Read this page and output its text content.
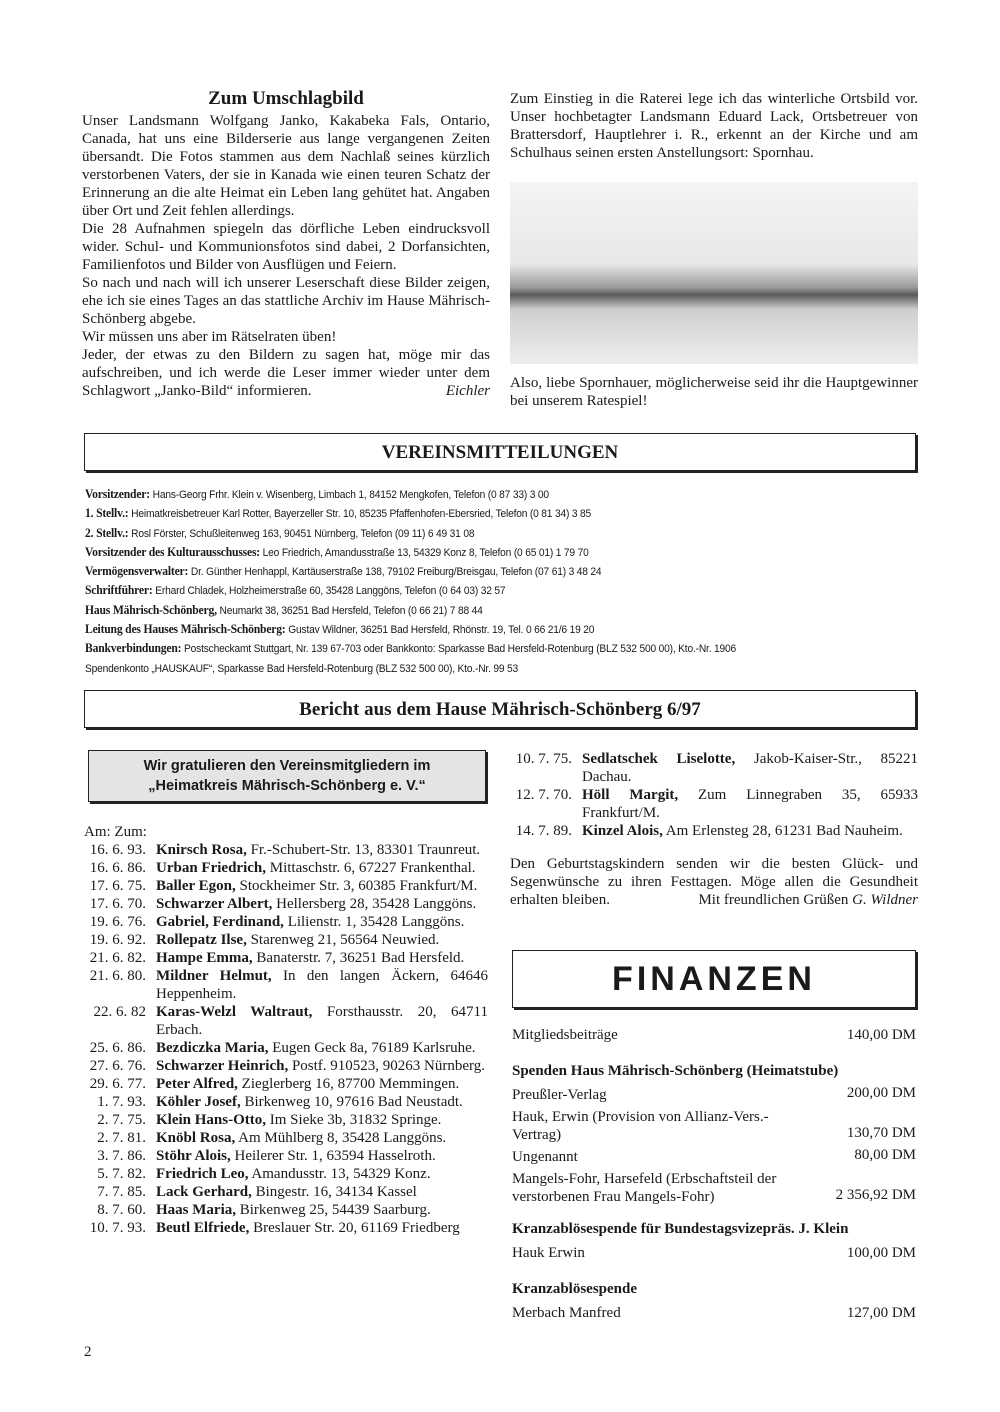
Zum Umschlagbild

Unser Landsmann Wolfgang Janko, Kakabeka Fals, Ontario, Canada, hat uns eine Bilderserie aus lange vergangenen Zeiten übersandt. Die Fotos stammen aus dem Nachlaß seines kürzlich verstorbenen Vaters, der sie in Kanada wie einen teuren Schatz der Erinnerung an die alte Heimat ein Leben lang gehütet hat. Angaben über Ort und Zeit fehlen allerdings.

Die 28 Aufnahmen spiegeln das dörfliche Leben eindrucksvoll wider. Schul- und Kommunionsfotos sind dabei, 2 Dorfansichten, Familienfotos und Bilder von Ausflügen und Feiern.

So nach und nach will ich unserer Leserschaft diese Bilder zeigen, ehe ich sie eines Tages an das stattliche Archiv im Hause Mährisch-Schönberg abgebe.

Wir müssen uns aber im Rätselraten üben!

Jeder, der etwas zu den Bildern zu sagen hat, möge mir das aufschreiben, und ich werde die Leser immer wieder unter dem Schlagwort „Janko-Bild“ informieren.	Eichler

Zum Einstieg in die Raterei lege ich das winterliche Ortsbild vor. Unser hochbetagter Landsmann Eduard Lack, Ortsbetreuer von Brattersdorf, Hauptlehrer i. R., erkennt an der Kirche und am Schulhaus seinen ersten Anstellungsort: Spornhau.

Also, liebe Spornhauer, möglicherweise seid ihr die Hauptgewinner bei unserem Ratespiel!

VEREINSMITTEILUNGEN
Vorsitzender: Hans-Georg Frhr. Klein v. Wisenberg, Limbach 1, 84152 Mengkofen, Telefon (0 87 33) 3 00
1. Stellv.: Heimatkreisbetreuer Karl Rotter, Bayerzeller Str. 10, 85235 Pfaffenhofen-Ebersried, Telefon (0 81 34) 3 85
2. Stellv.: Rosl Förster, Schußleitenweg 163, 90451 Nürnberg, Telefon (09 11) 6 49 31 08
Vorsitzender des Kulturausschusses: Leo Friedrich, Amandusstraße 13, 54329 Konz 8, Telefon (0 65 01) 1 79 70
Vermögensverwalter: Dr. Günther Henhappl, Kartäuserstraße 138, 79102 Freiburg/Breisgau, Telefon (07 61) 3 48 24
Schriftführer: Erhard Chladek, Holzheimerstraße 60, 35428 Langgöns, Telefon (0 64 03) 32 57
Haus Mährisch-Schönberg, Neumarkt 38, 36251 Bad Hersfeld, Telefon (0 66 21) 7 88 44
Leitung des Hauses Mährisch-Schönberg: Gustav Wildner, 36251 Bad Hersfeld, Rhönstr. 19, Tel. 0 66 21/6 19 20
Bankverbindungen: Postscheckamt Stuttgart, Nr. 139 67-703 oder Bankkonto: Sparkasse Bad Hersfeld-Rotenburg (BLZ 532 500 00), Kto.-Nr. 1906
Spendenkonto „HAUSKAUF“, Sparkasse Bad Hersfeld-Rotenburg (BLZ 532 500 00), Kto.-Nr. 99 53
Bericht aus dem Hause Mährisch-Schönberg 6/97
Wir gratulieren den Vereinsmitgliedern im
„Heimatkreis Mährisch-Schönberg e. V.“
Am: Zum:
16. 6. 93. Knirsch Rosa, Fr.-Schubert-Str. 13, 83301 Traunreut.
16. 6. 86. Urban Friedrich, Mittaschstr. 6, 67227 Frankenthal.
17. 6. 75. Baller Egon, Stockheimer Str. 3, 60385 Frankfurt/M.
17. 6. 70. Schwarzer Albert, Hellersberg 28, 35428 Langgöns.
19. 6. 76. Gabriel, Ferdinand, Lilienstr. 1, 35428 Langgöns.
19. 6. 92. Rollepatz Ilse, Starenweg 21, 56564 Neuwied.
21. 6. 82. Hampe Emma, Banaterstr. 7, 36251 Bad Hersfeld.
21. 6. 80. Mildner Helmut, In den langen Äckern, 64646 Heppenheim.
22. 6. 82 Karas-Welzl Waltraut, Forsthausstr. 20, 64711 Erbach.
25. 6. 86. Bezdiczka Maria, Eugen Geck 8a, 76189 Karlsruhe.
27. 6. 76. Schwarzer Heinrich, Postf. 910523, 90263 Nürnberg.
29. 6. 77. Peter Alfred, Zieglerberg 16, 87700 Memmingen.
1. 7. 93. Köhler Josef, Birkenweg 10, 97616 Bad Neustadt.
2. 7. 75. Klein Hans-Otto, Im Sieke 3b, 31832 Springe.
2. 7. 81. Knöbl Rosa, Am Mühlberg 8, 35428 Langgöns.
3. 7. 86. Stöhr Alois, Heilerer Str. 1, 63594 Hasselroth.
5. 7. 82. Friedrich Leo, Amandusstr. 13, 54329 Konz.
7. 7. 85. Lack Gerhard, Bingestr. 16, 34134 Kassel
8. 7. 60. Haas Maria, Birkenweg 25, 54439 Saarburg.
10. 7. 93. Beutl Elfriede, Breslauer Str. 20, 61169 Friedberg
10. 7. 75. Sedlatschek Liselotte, Jakob-Kaiser-Str., 85221 Dachau.
12. 7. 70. Höll Margit, Zum Linnegraben 35, 65933 Frankfurt/M.
14. 7. 89. Kinzel Alois, Am Erlensteg 28, 61231 Bad Nauheim.

Den Geburtstagskindern senden wir die besten Glück- und Segenwünsche zu ihren Festtagen. Möge allen die Gesundheit erhalten bleiben.	Mit freundlichen Grüßen G. Wildner

FINANZEN
Mitgliedsbeiträge	140,00 DM
Spenden Haus Mährisch-Schönberg (Heimatstube)
Preußler-Verlag	200,00 DM
Hauk, Erwin (Provision von Allianz-Vers.-Vertrag)	130,70 DM
Ungenannt	80,00 DM
Mangels-Fohr, Harsefeld (Erbschaftsteil der verstorbenen Frau Mangels-Fohr)	2 356,92 DM
Kranzablösespende für Bundestagsvizepräs. J. Klein
Hauk Erwin	100,00 DM
Kranzablösespende
Merbach Manfred	127,00 DM
2
